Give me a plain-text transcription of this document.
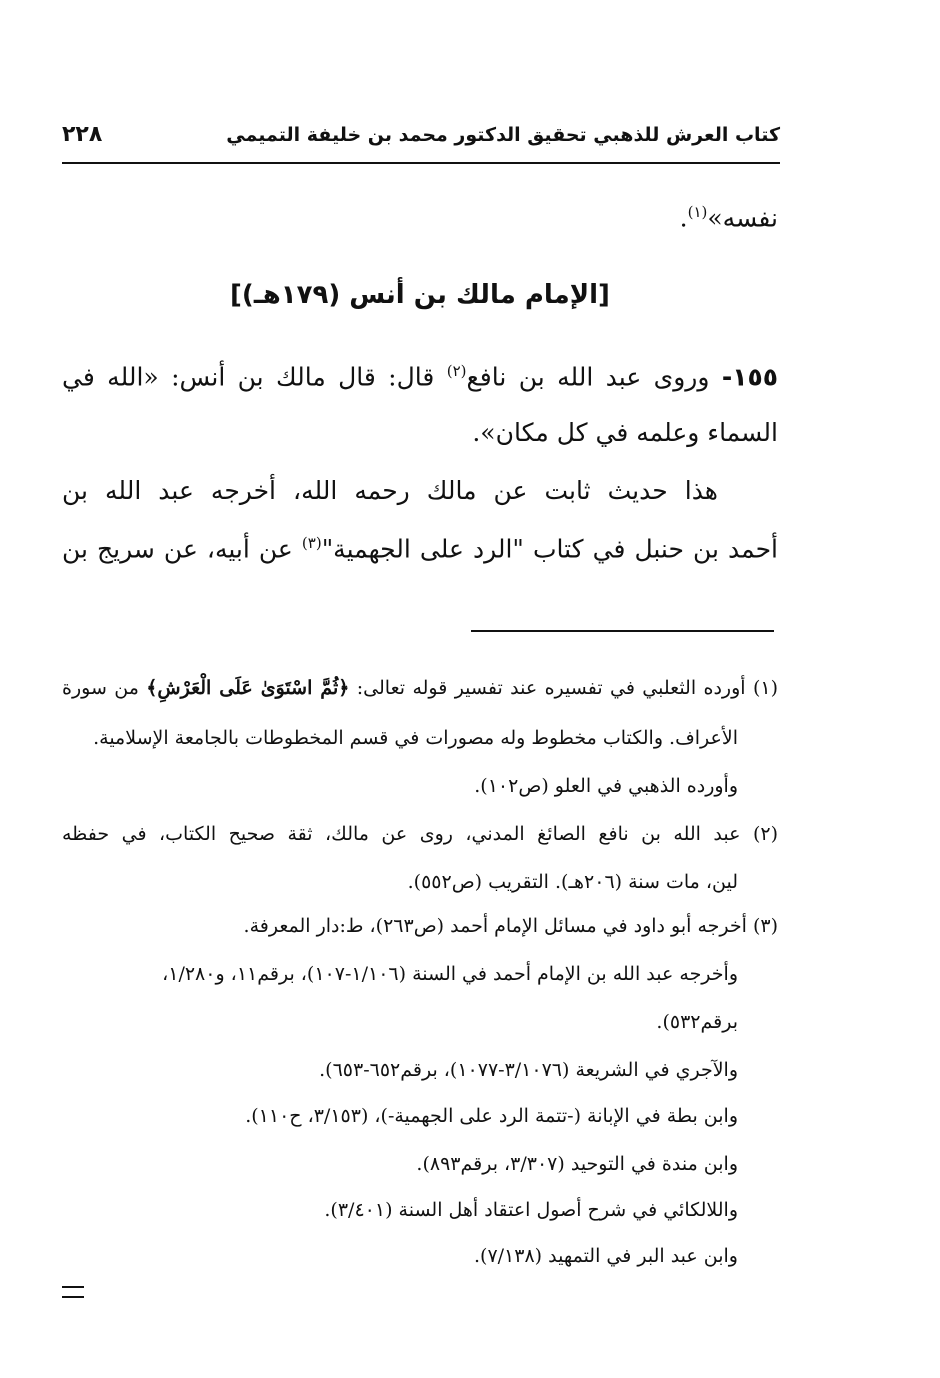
كتاب العرش للذهبي تحقيق الدكتور محمد بن خليفة التميمي
٢٢٨
نفسه»$^{(١)}$.
[الإمام مالك بن أنس (١٧٩هـ)]
١٥٥- وروى عبد الله بن نافع$^{(٢)}$ قال: قال مالك بن أنس: «الله في
السماء وعلمه في كل مكان».
هذا حديث ثابت عن مالك رحمه الله، أخرجه عبد الله بن
أحمد بن حنبل في كتاب "الرد على الجهمية"$^{(٣)}$ عن أبيه، عن سريج بن
(١) أورده الثعلبي في تفسيره عند تفسير قوله تعالى: ﴿ثُمَّ اسْتَوَىٰ عَلَى الْعَرْشِ﴾ من سورة
الأعراف. والكتاب مخطوط وله مصورات في قسم المخطوطات بالجامعة الإسلامية.
وأورده الذهبي في العلو (ص١٠٢).
(٢) عبد الله بن نافع الصائغ المدني، روى عن مالك، ثقة صحيح الكتاب، في حفظه
لين، مات سنة (٢٠٦هـ). التقريب (ص٥٥٢).
(٣) أخرجه أبو داود في مسائل الإمام أحمد (ص٢٦٣)، ط:دار المعرفة.
وأخرجه عبد الله بن الإمام أحمد في السنة (١/١٠٦-١٠٧)، برقم١١، و١/٢٨٠،
برقم٥٣٢).
والآجري في الشريعة (٣/١٠٧٦-١٠٧٧)، برقم٦٥٢-٦٥٣).
وابن بطة في الإبانة (-تتمة الرد على الجهمية-)، (٣/١٥٣، ح١١٠).
وابن مندة في التوحيد (٣/٣٠٧، برقم٨٩٣).
واللالكائي في شرح أصول اعتقاد أهل السنة (٣/٤٠١).
وابن عبد البر في التمهيد (٧/١٣٨).
